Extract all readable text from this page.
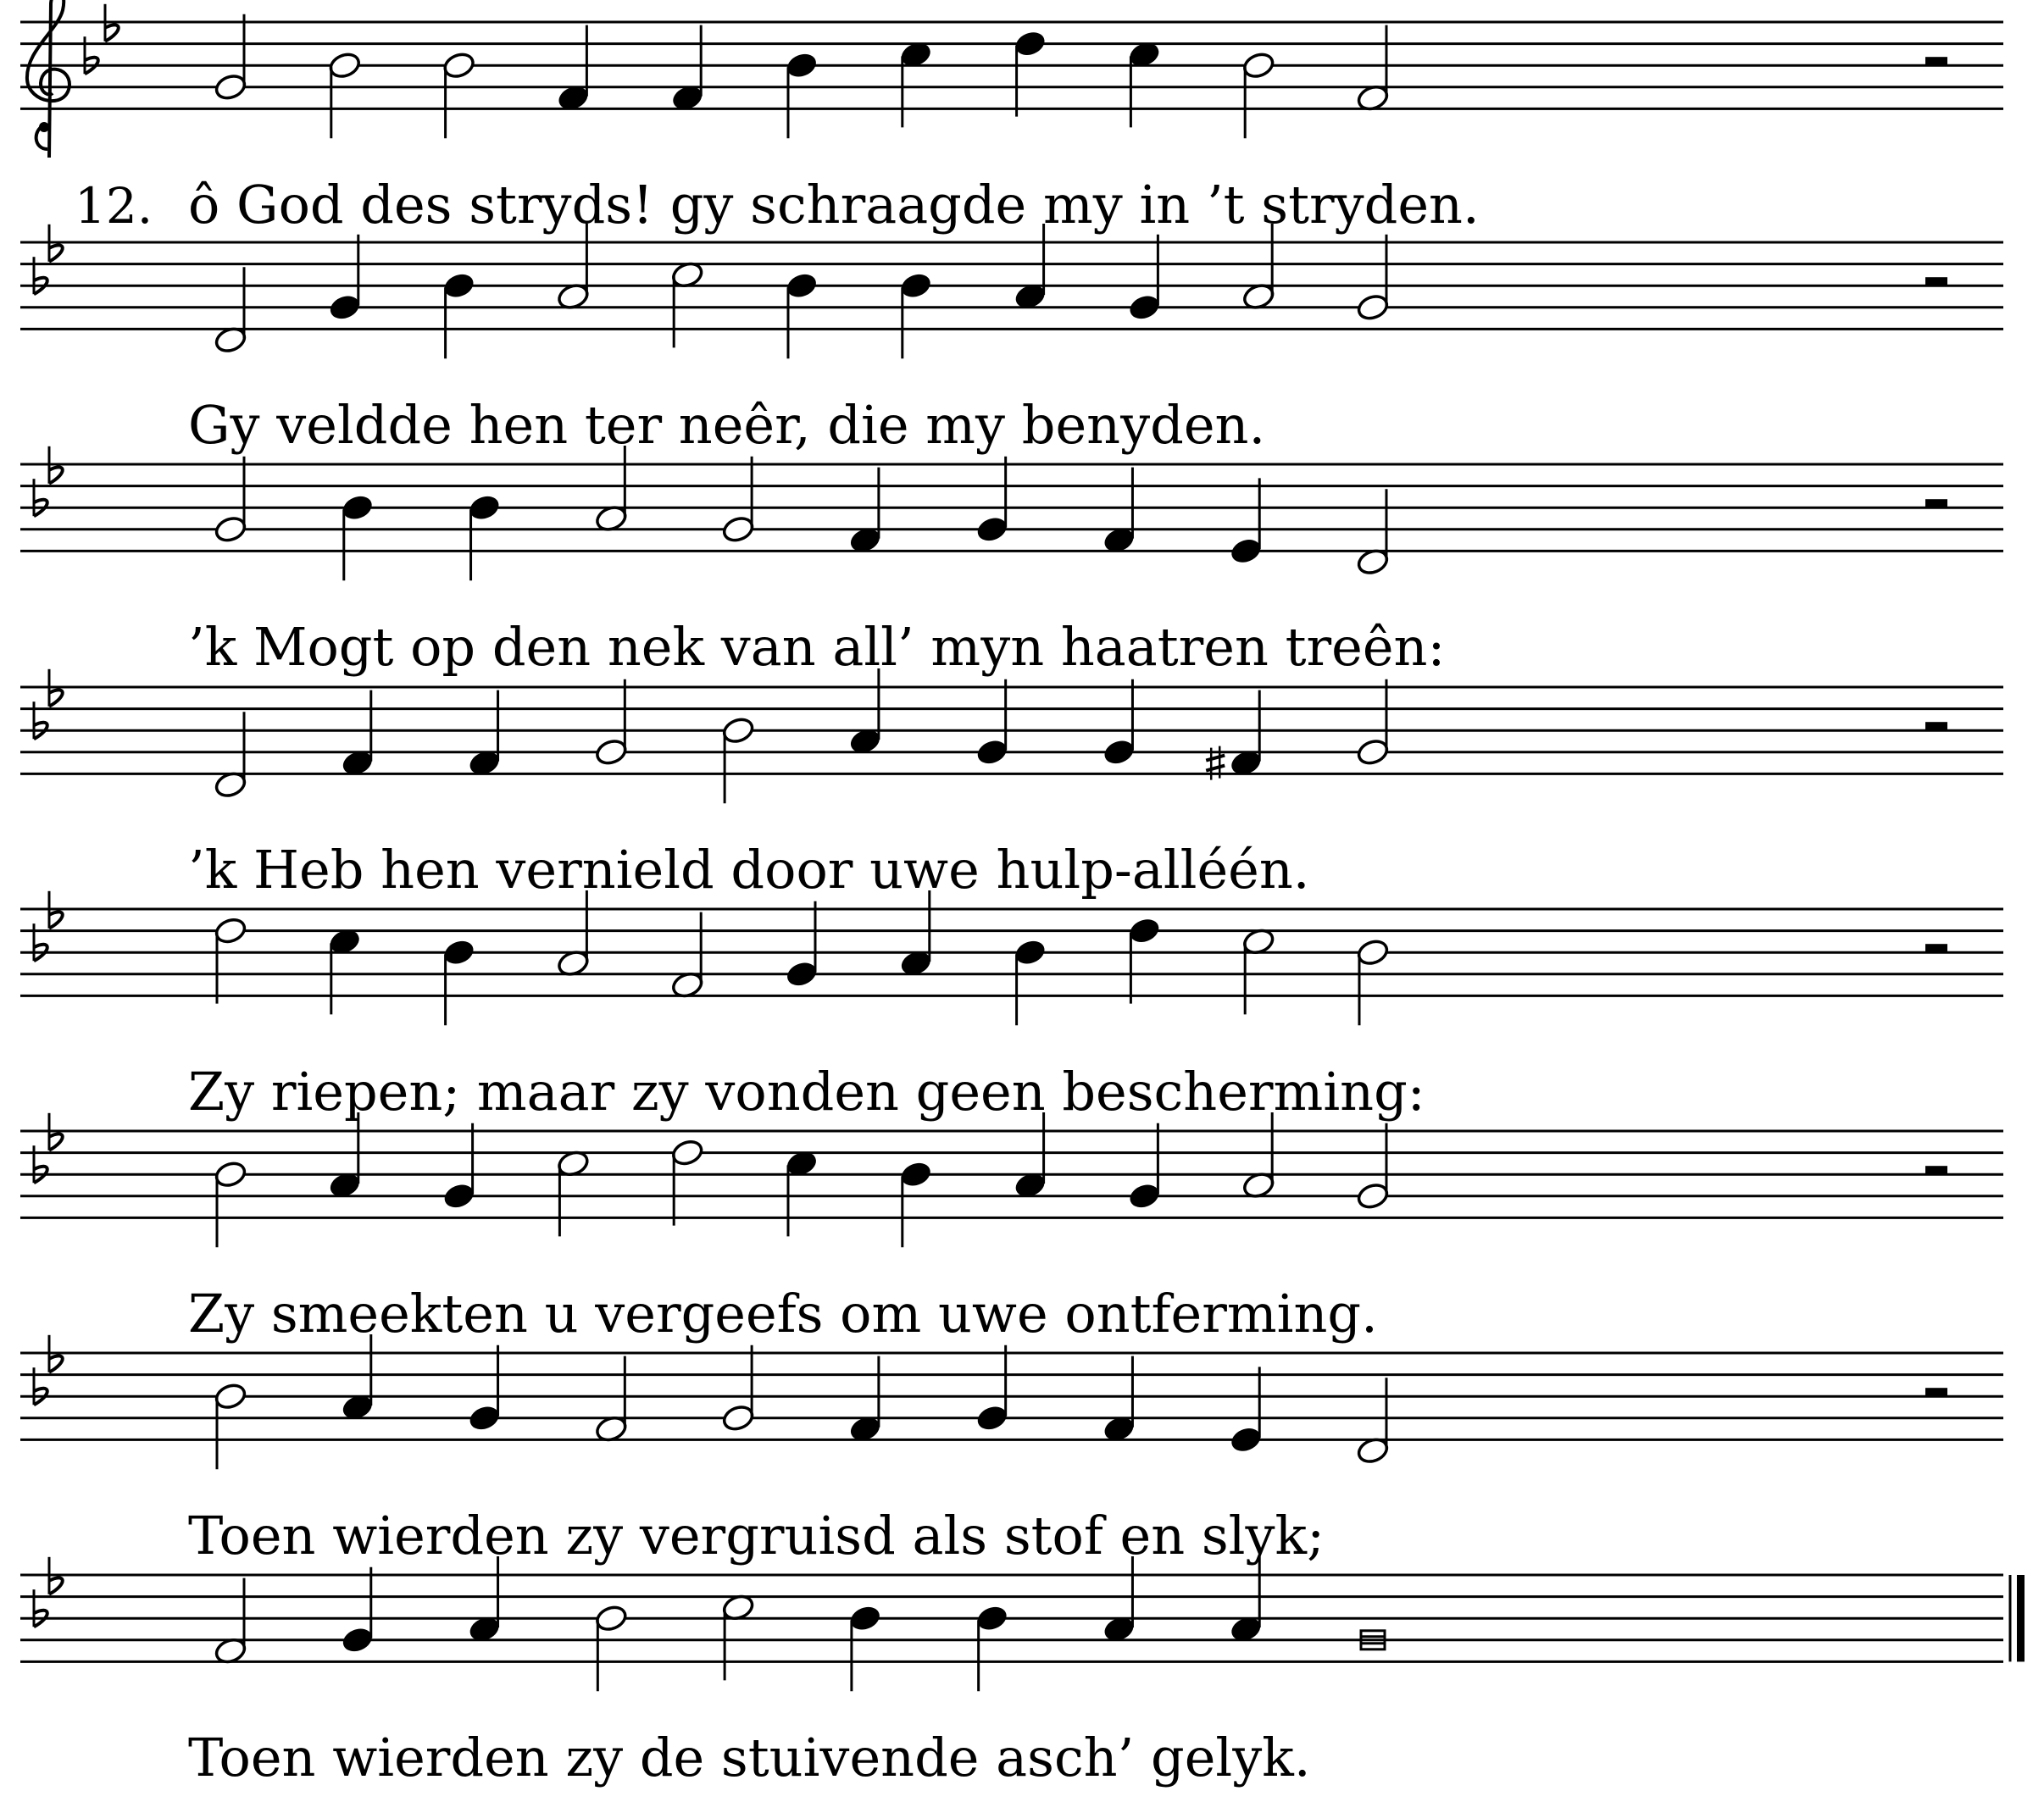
12. ô God des stryds! gy schraagde my in ’t stryden.
Gy veldde hen ter neêr, die my benyden.
’k Mogt op den nek van all’ myn haatren treên:
’k Heb hen vernield door uwe hulp-alléén.
Zy riepen; maar zy vonden geen bescherming:
Zy smeekten u vergeefs om uwe ontferming.
Toen wierden zy vergruisd als stof en slyk;
Toen wierden zy de stuivende asch’ gelyk.
